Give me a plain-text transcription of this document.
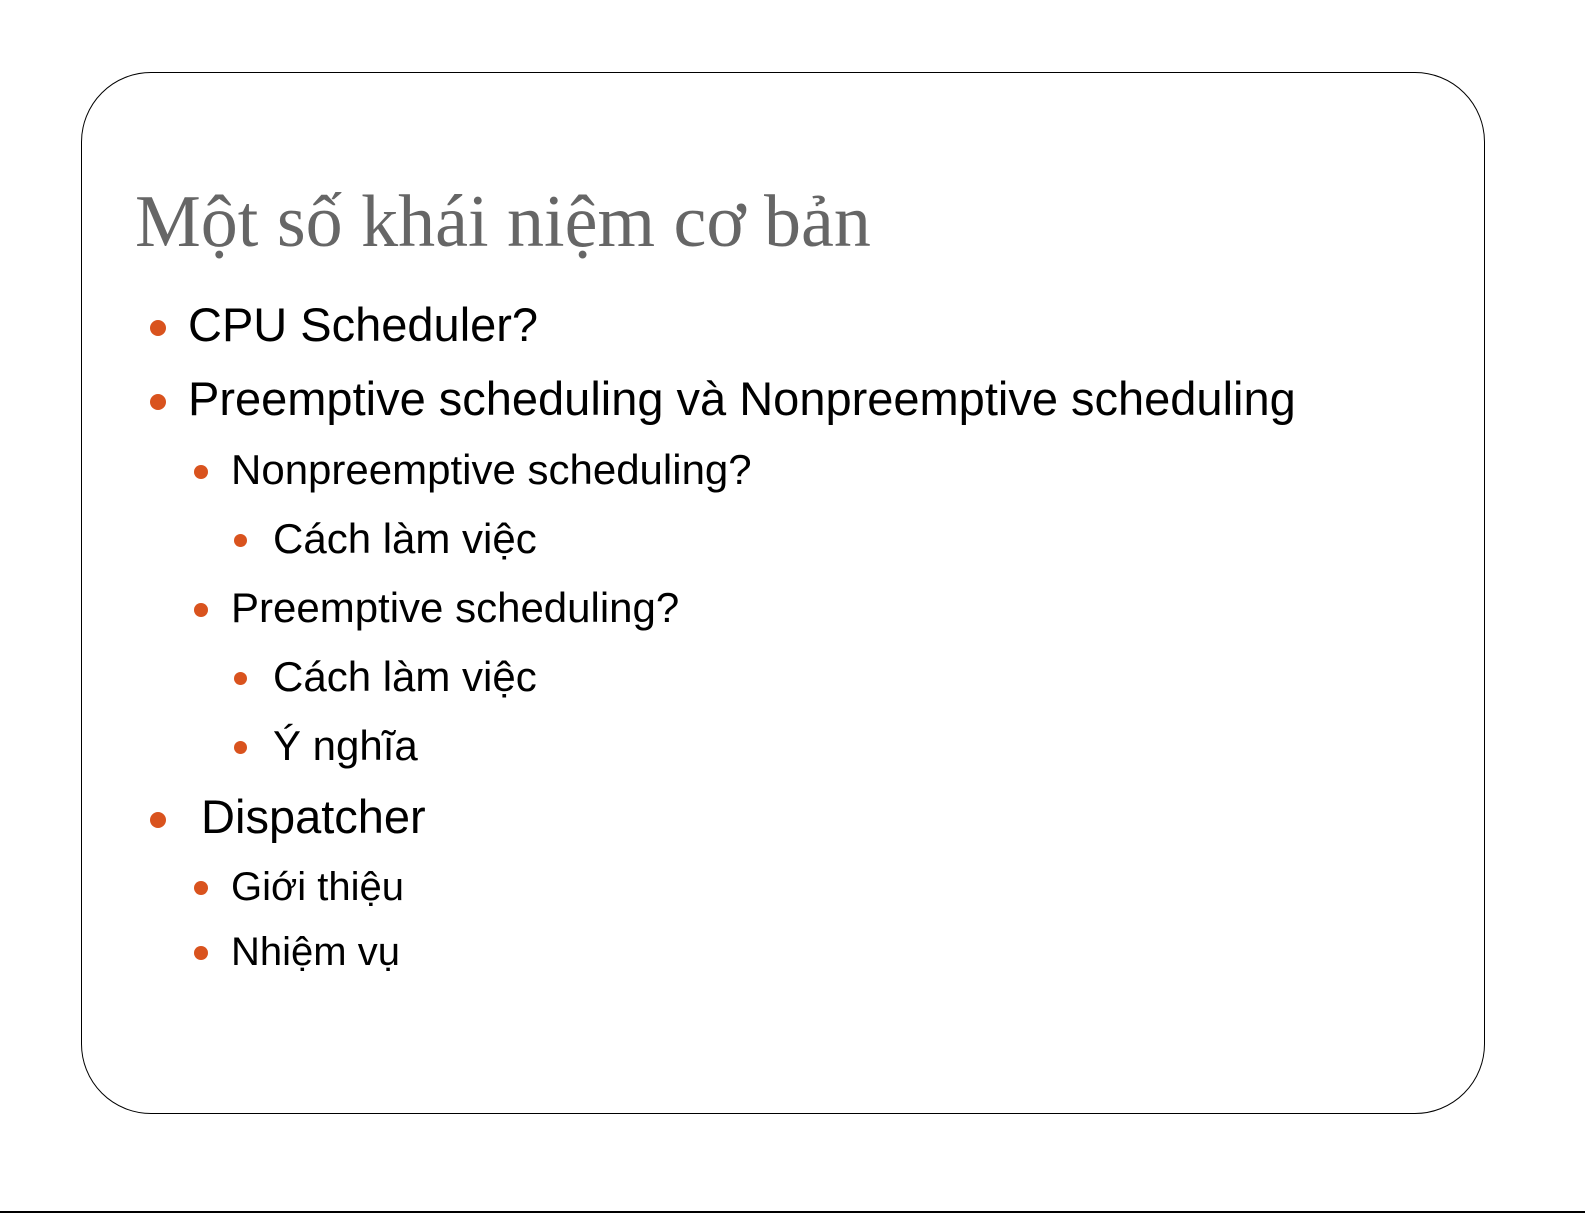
Một số khái niệm cơ bản
CPU Scheduler?
Preemptive scheduling và Nonpreemptive scheduling
Nonpreemptive scheduling?
Cách làm việc
Preemptive scheduling?
Cách làm việc
Ý nghĩa
Dispatcher
Giới thiệu
Nhiệm vụ
